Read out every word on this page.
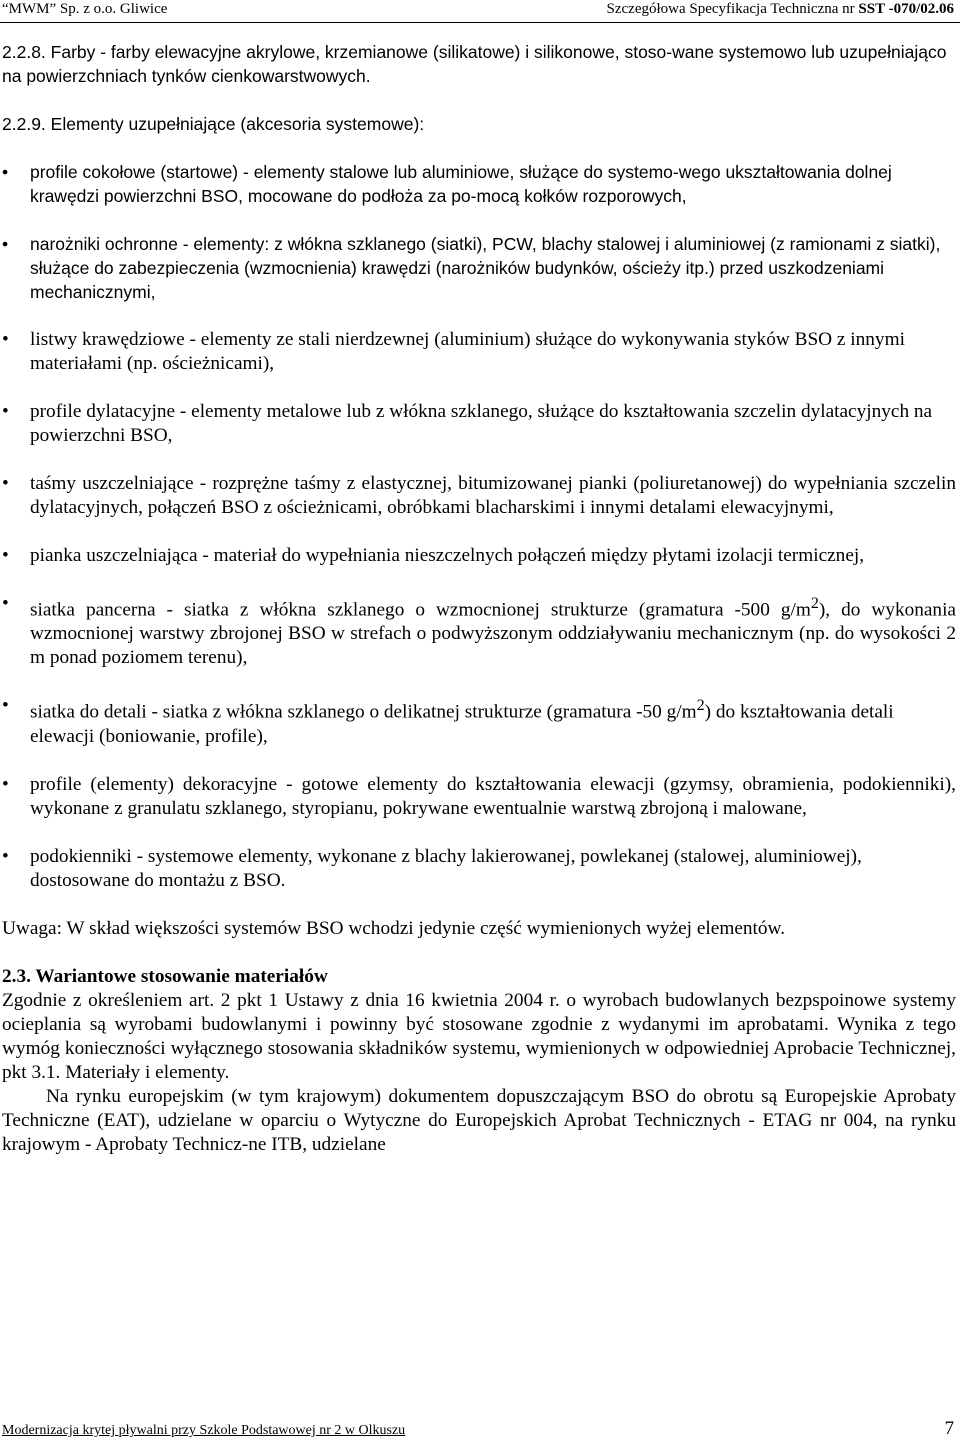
“MWM” Sp. z o.o. Gliwice	Szczegółowa Specyfikacja Techniczna nr SST -070/02.06

2.2.8. Farby - farby elewacyjne akrylowe, krzemianowe (silikatowe) i silikonowe, stoso-wane systemowo lub uzupełniająco na powierzchniach tynków cienkowarstwowych.

2.2.9. Elementy uzupełniające (akcesoria systemowe):

• profile cokołowe (startowe) - elementy stalowe lub aluminiowe, służące do systemo-wego ukształtowania dolnej krawędzi powierzchni BSO, mocowane do podłoża za po-mocą kołków rozporowych,
• narożniki ochronne - elementy: z włókna szklanego (siatki), PCW, blachy stalowej i aluminiowej (z ramionami z siatki), służące do zabezpieczenia (wzmocnienia) krawędzi (narożników budynków, ościeży itp.) przed uszkodzeniami mechanicznymi,
• listwy krawędziowe - elementy ze stali nierdzewnej (aluminium) służące do wykonywania styków BSO z innymi materiałami (np. ościeżnicami),
• profile dylatacyjne - elementy metalowe lub z włókna szklanego, służące do kształtowania szczelin dylatacyjnych na powierzchni BSO,
• taśmy uszczelniające - rozprężne taśmy z elastycznej, bitumizowanej pianki (poliuretanowej) do wypełniania szczelin dylatacyjnych, połączeń BSO z ościeżnicami, obróbkami blacharskimi i innymi detalami elewacyjnymi,
• pianka uszczelniająca - materiał do wypełniania nieszczelnych połączeń między płytami izolacji termicznej,
• siatka pancerna - siatka z włókna szklanego o wzmocnionej strukturze (gramatura -500 $g/m^2$), do wykonania wzmocnionej warstwy zbrojonej BSO w strefach o podwyższonym oddziaływaniu mechanicznym (np. do wysokości 2 m ponad poziomem terenu),
• siatka do detali - siatka z włókna szklanego o delikatnej strukturze (gramatura -50 $g/m^2$) do kształtowania detali elewacji (boniowanie, profile),
• profile (elementy) dekoracyjne - gotowe elementy do kształtowania elewacji (gzymsy, obramienia, podokienniki), wykonane z granulatu szklanego, styropianu, pokrywane ewentualnie warstwą zbrojoną i malowane,
• podokienniki - systemowe elementy, wykonane z blachy lakierowanej, powlekanej (stalowej, aluminiowej), dostosowane do montażu z BSO.

Uwaga: W skład większości systemów BSO wchodzi jedynie część wymienionych wyżej elementów.

2.3. Wariantowe stosowanie materiałów

Zgodnie z określeniem art. 2 pkt 1 Ustawy z dnia 16 kwietnia 2004 r. o wyrobach budowlanych bezpspoinowe systemy ocieplania są wyrobami budowlanymi i powinny być stosowane zgodnie z wydanymi im aprobatami. Wynika z tego wymóg konieczności wyłącznego stosowania składników systemu, wymienionych w odpowiedniej Aprobacie Technicznej, pkt 3.1. Materiały i elementy.

Na rynku europejskim (w tym krajowym) dokumentem dopuszczającym BSO do obrotu są Europejskie Aprobaty Techniczne (EAT), udzielane w oparciu o Wytyczne do Europejskich Aprobat Technicznych - ETAG nr 004, na rynku krajowym - Aprobaty Technicz-ne ITB, udzielane

Modernizacja krytej pływalni przy Szkole Podstawowej nr 2 w Olkuszu	7
